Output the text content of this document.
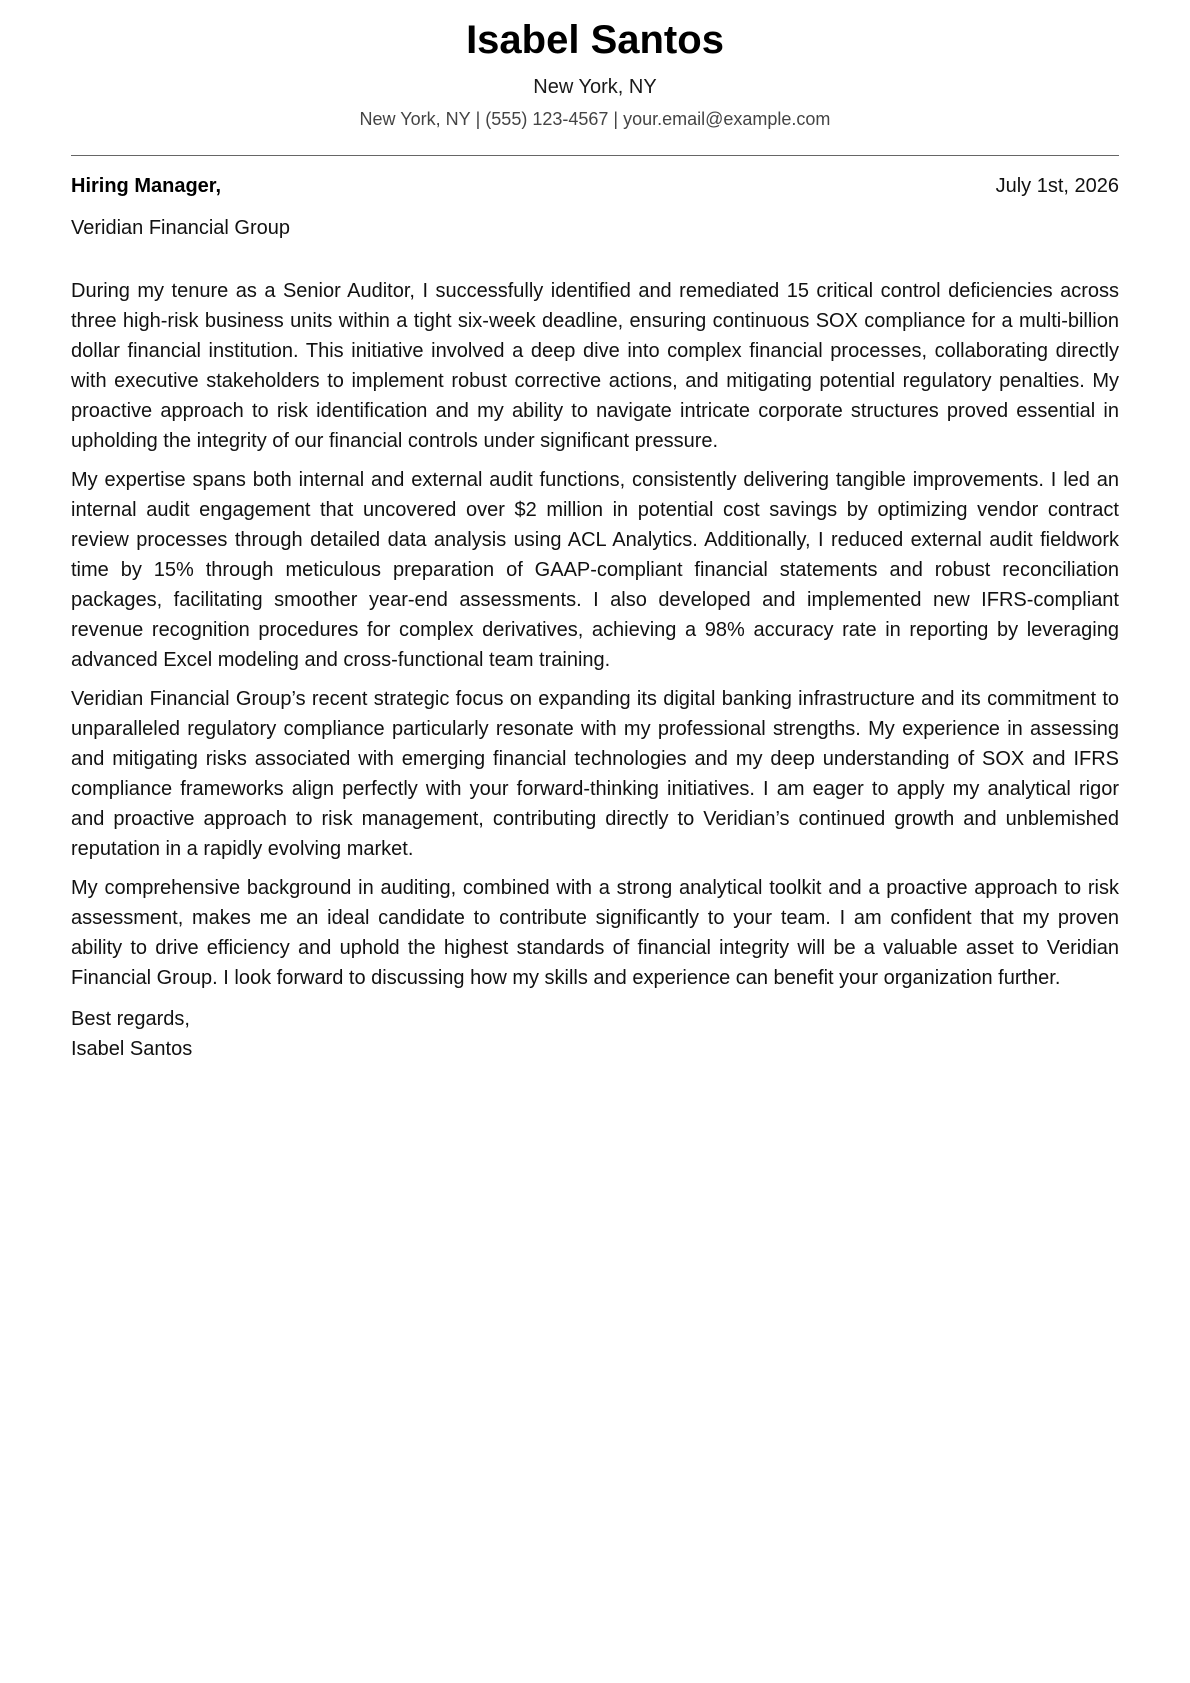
Isabel Santos
New York, NY
New York, NY | (555) 123-4567 | your.email@example.com
Hiring Manager,	July 1st, 2026
Veridian Financial Group

During my tenure as a Senior Auditor, I successfully identified and remediated 15 critical control deficiencies across three high-risk business units within a tight six-week deadline, ensuring continuous SOX compliance for a multi-billion dollar financial institution. This initiative involved a deep dive into complex financial processes, collaborating directly with executive stakeholders to implement robust corrective actions, and mitigating potential regulatory penalties. My proactive approach to risk identification and my ability to navigate intricate corporate structures proved essential in upholding the integrity of our financial controls under significant pressure.

My expertise spans both internal and external audit functions, consistently delivering tangible improvements. I led an internal audit engagement that uncovered over $2 million in potential cost savings by optimizing vendor contract review processes through detailed data analysis using ACL Analytics. Additionally, I reduced external audit fieldwork time by 15% through meticulous preparation of GAAP-compliant financial statements and robust reconciliation packages, facilitating smoother year-end assessments. I also developed and implemented new IFRS-compliant revenue recognition procedures for complex derivatives, achieving a 98% accuracy rate in reporting by leveraging advanced Excel modeling and cross-functional team training.

Veridian Financial Group’s recent strategic focus on expanding its digital banking infrastructure and its commitment to unparalleled regulatory compliance particularly resonate with my professional strengths. My experience in assessing and mitigating risks associated with emerging financial technologies and my deep understanding of SOX and IFRS compliance frameworks align perfectly with your forward-thinking initiatives. I am eager to apply my analytical rigor and proactive approach to risk management, contributing directly to Veridian’s continued growth and unblemished reputation in a rapidly evolving market.

My comprehensive background in auditing, combined with a strong analytical toolkit and a proactive approach to risk assessment, makes me an ideal candidate to contribute significantly to your team. I am confident that my proven ability to drive efficiency and uphold the highest standards of financial integrity will be a valuable asset to Veridian Financial Group. I look forward to discussing how my skills and experience can benefit your organization further.

Best regards,
Isabel Santos
